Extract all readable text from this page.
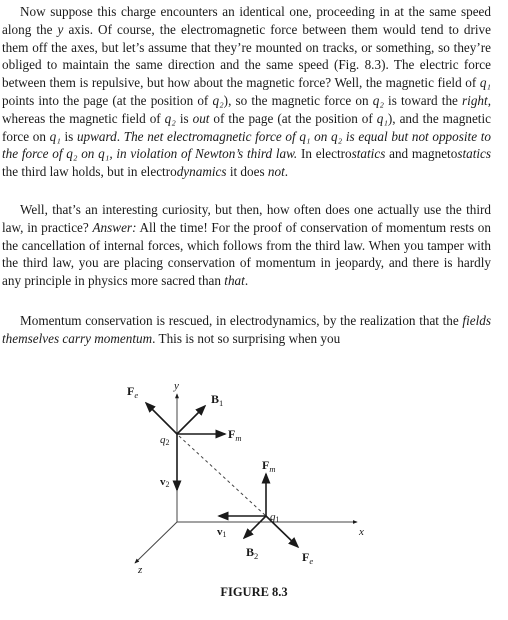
Now suppose this charge encounters an identical one, proceeding in at the same speed along the y axis. Of course, the electromagnetic force between them would tend to drive them off the axes, but let’s assume that they’re mounted on tracks, or something, so they’re obliged to maintain the same direction and the same speed (Fig. 8.3). The electric force between them is repulsive, but how about the magnetic force? Well, the magnetic field of q₁ points into the page (at the position of q₂), so the magnetic force on q₂ is toward the right, whereas the magnetic field of q₂ is out of the page (at the position of q₁), and the magnetic force on q₁ is upward. The net electromagnetic force of q₁ on q₂ is equal but not opposite to the force of q₂ on q₁, in violation of Newton’s third law. In electrostatics and magnetostatics the third law holds, but in electrodynamics it does not.

Well, that’s an interesting curiosity, but then, how often does one actually use the third law, in practice? Answer: All the time! For the proof of conservation of momentum rests on the cancellation of internal forces, which follows from the third law. When you tamper with the third law, you are placing conservation of momentum in jeopardy, and there is hardly any principle in physics more sacred than that.

Momentum conservation is rescued, in electrodynamics, by the realization that the fields themselves carry momentum. This is not so surprising when you

$F_e$
y
$B_1$
$F_m$
q2
$F_m$
v2
q1
v1	x
$B_2$	$F_e$
z
FIGURE 8.3
